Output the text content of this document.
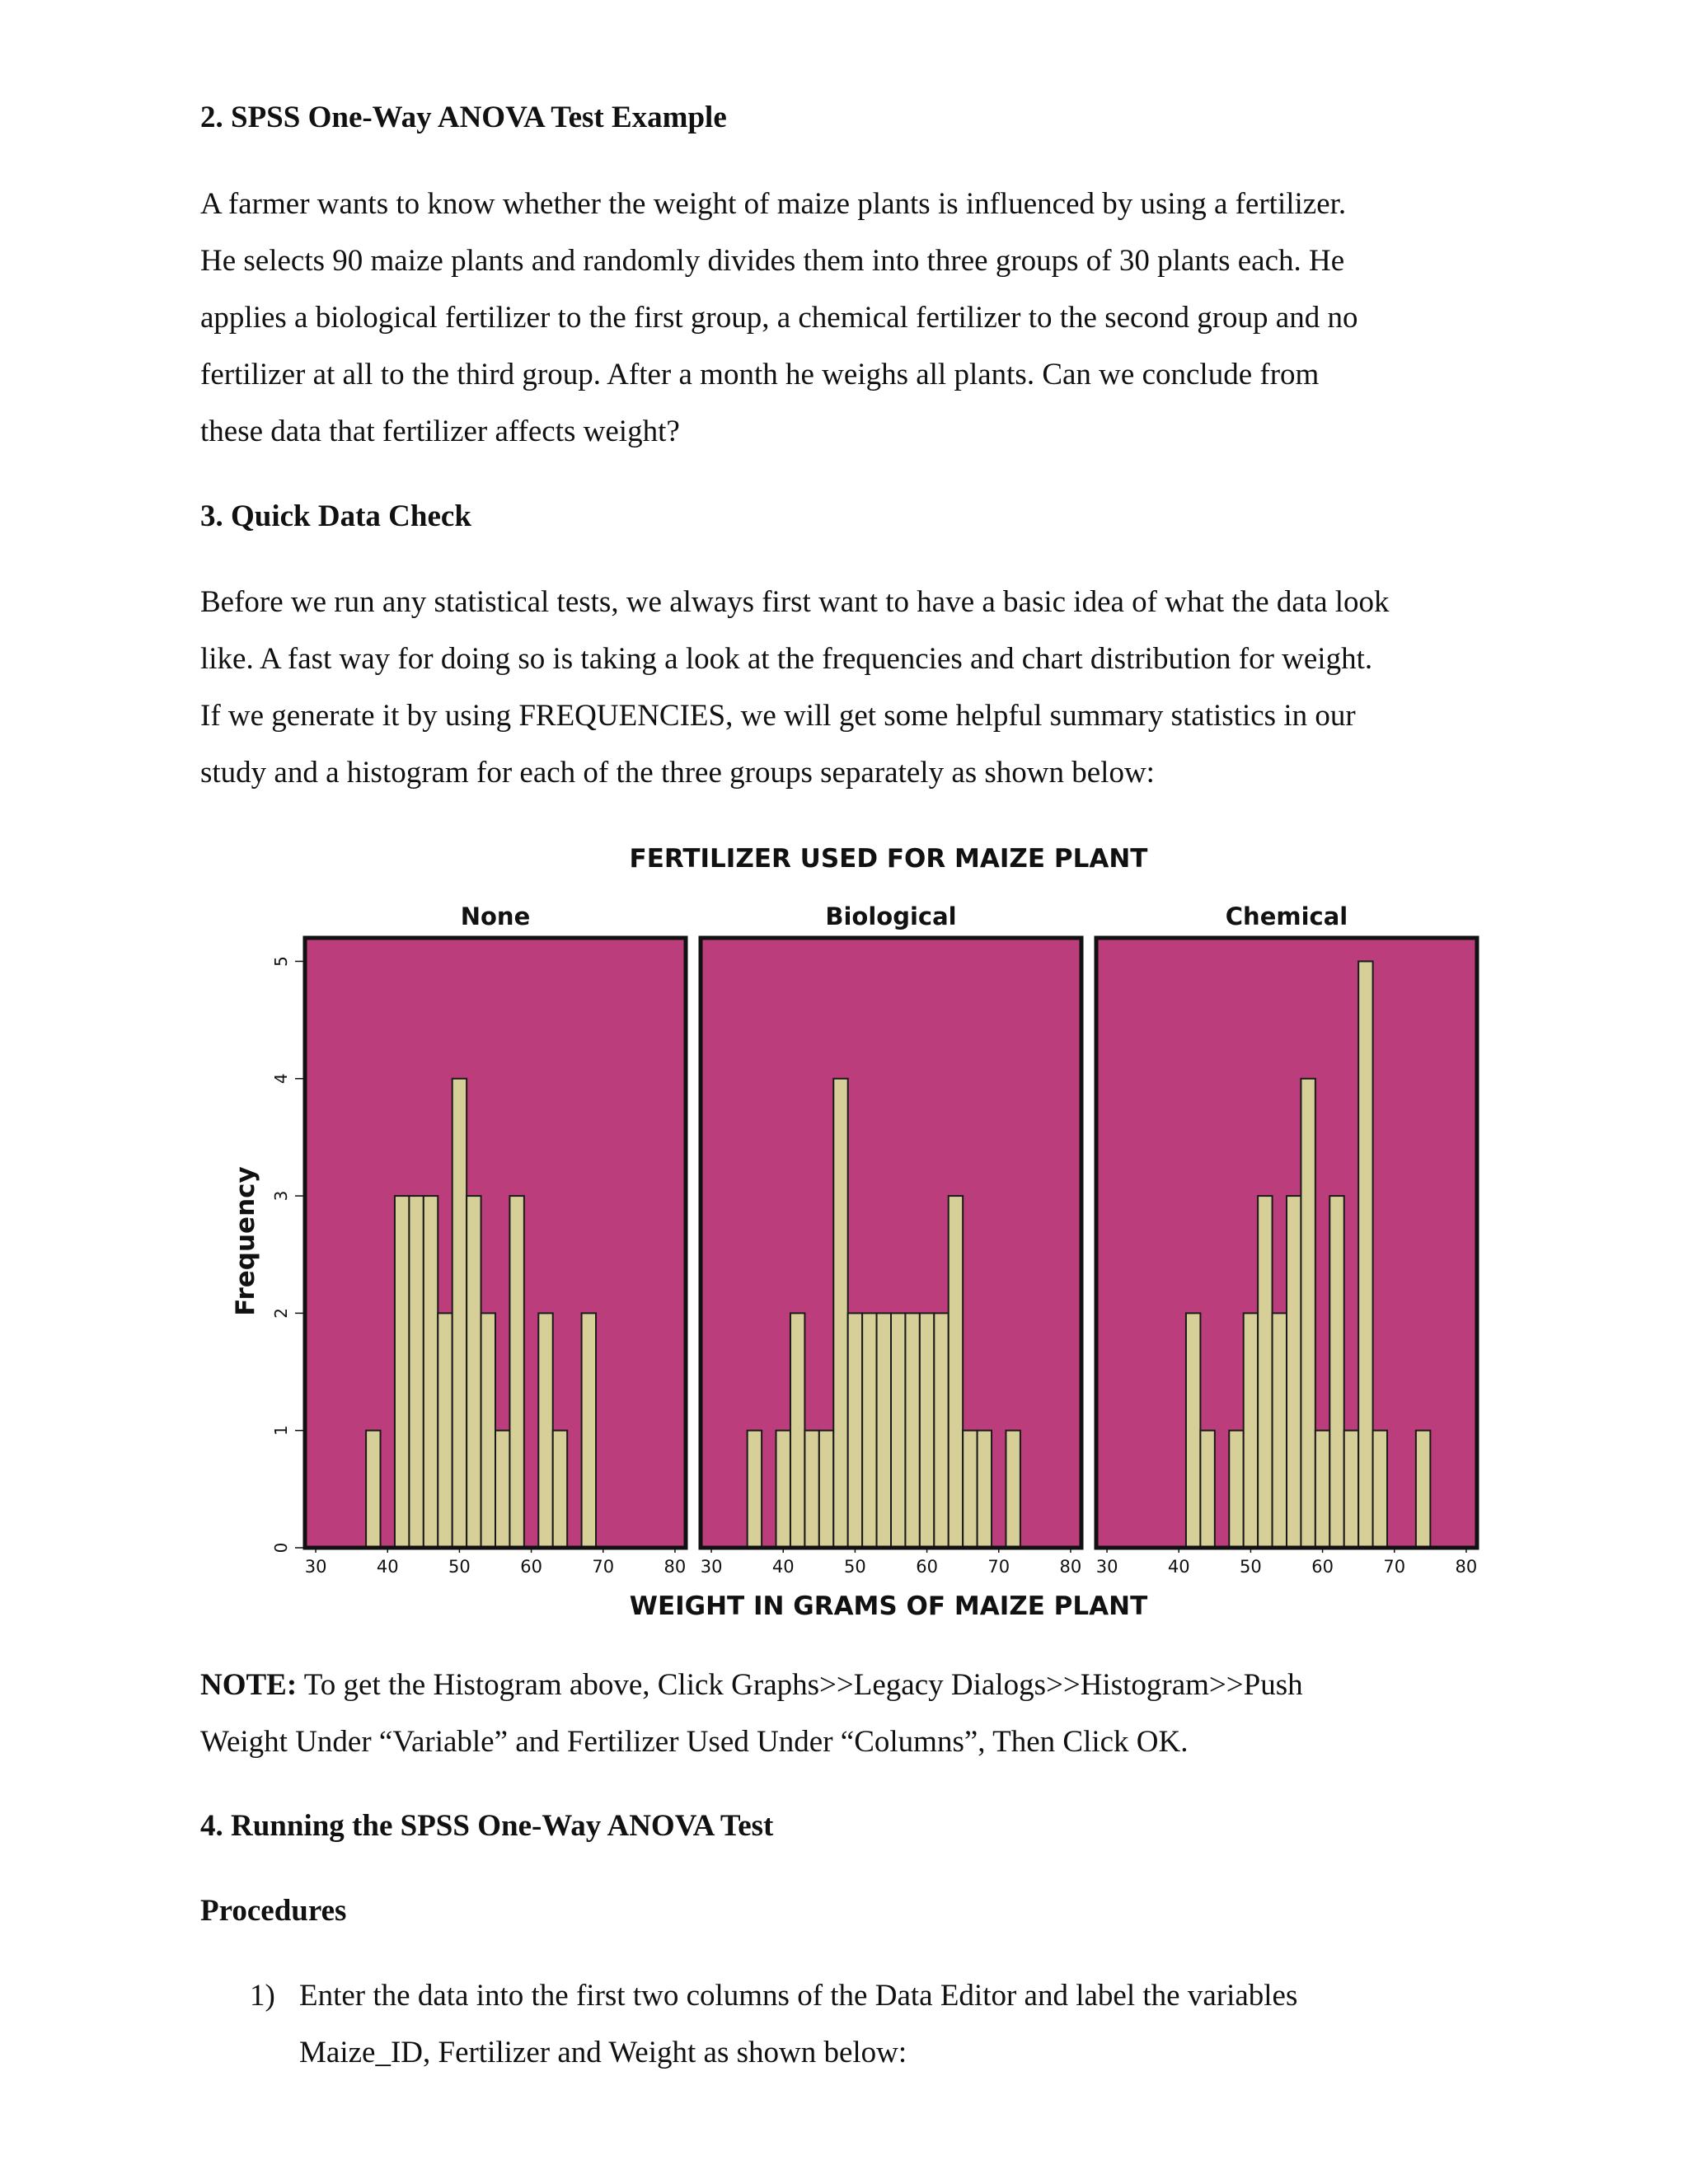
2. SPSS One-Way ANOVA Test Example
A farmer wants to know whether the weight of maize plants is influenced by using a fertilizer.
He selects 90 maize plants and randomly divides them into three groups of 30 plants each. He
applies a biological fertilizer to the first group, a chemical fertilizer to the second group and no
fertilizer at all to the third group. After a month he weighs all plants. Can we conclude from
these data that fertilizer affects weight?
3. Quick Data Check
Before we run any statistical tests, we always first want to have a basic idea of what the data look
like. A fast way for doing so is taking a look at the frequencies and chart distribution for weight.
If we generate it by using FREQUENCIES, we will get some helpful summary statistics in our
study and a histogram for each of the three groups separately as shown below:
FERTILIZER USED FOR MAIZE PLANT
WEIGHT IN GRAMS OF MAIZE PLANT
Frequency
0
1
2
3
4
5
None
30	40	50	60	70	80
Biological
30	40	50	60	70	80
Chemical
30	40	50	60	70	80
NOTE: To get the Histogram above, Click Graphs>>Legacy Dialogs>>Histogram>>Push
Weight Under “Variable” and Fertilizer Used Under “Columns”, Then Click OK.
4. Running the SPSS One-Way ANOVA Test
Procedures
1) Enter the data into the first two columns of the Data Editor and label the variables
Maize_ID, Fertilizer and Weight as shown below:
